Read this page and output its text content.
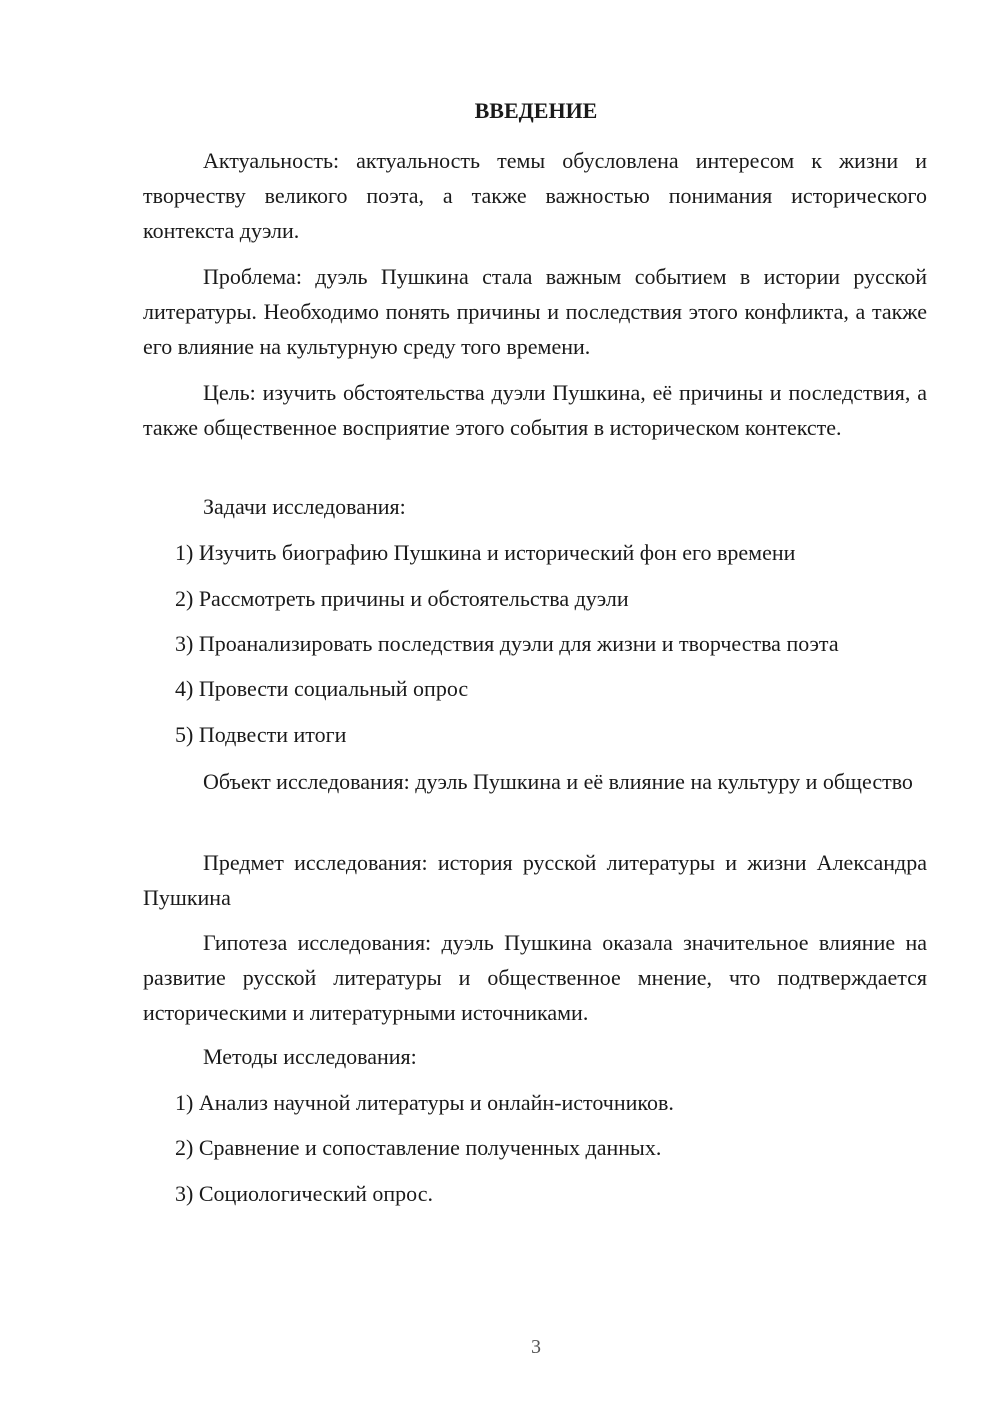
ВВЕДЕНИЕ

Актуальность: актуальность темы обусловлена интересом к жизни и творчеству великого поэта, а также важностью понимания исторического контекста дуэли.

Проблема: дуэль Пушкина стала важным событием в истории русской литературы. Необходимо понять причины и последствия этого конфликта, а также его влияние на культурную среду того времени.

Цель: изучить обстоятельства дуэли Пушкина, её причины и последствия, а также общественное восприятие этого события в историческом контексте.

Задачи исследования:

1) Изучить биографию Пушкина и исторический фон его времени

2) Рассмотреть причины и обстоятельства дуэли

3) Проанализировать последствия дуэли для жизни и творчества поэта

4) Провести социальный опрос

5) Подвести итоги

Объект исследования: дуэль Пушкина и её влияние на культуру и общество

Предмет исследования: история русской литературы и жизни Александра Пушкина

Гипотеза исследования: дуэль Пушкина оказала значительное влияние на развитие русской литературы и общественное мнение, что подтверждается историческими и литературными источниками.

Методы исследования:

1) Анализ научной литературы и онлайн-источников.

2) Сравнение и сопоставление полученных данных.

3) Социологический опрос.

3
